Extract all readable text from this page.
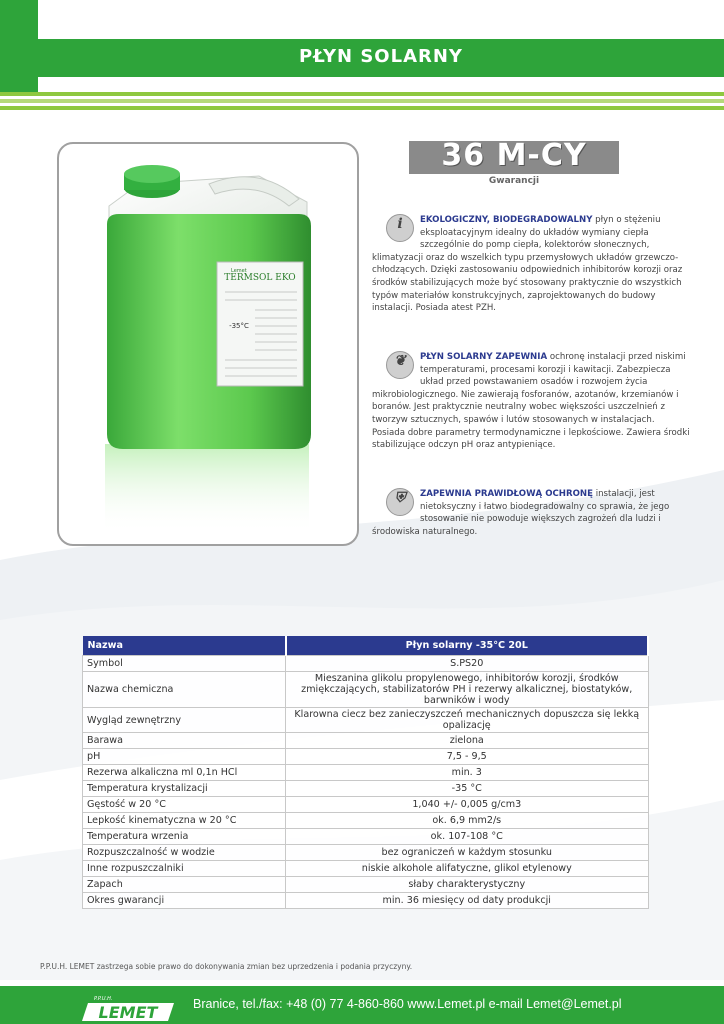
PŁYN SOLARNY
TERMSOL EKO
Lemet
-35°C
36 M-CY
Gwarancji
i	EKOLOGICZNY, BIODEGRADOWALNY płyn o stężeniu eksploatacyjnym idealny do układów wymiany ciepła szczególnie do pomp ciepła, kolektorów słonecznych, klimatyzacji oraz do wszelkich typu przemysłowych układów grzewczo-chłodzących. Dzięki zastosowaniu odpowiednich inhibitorów korozji oraz środków stabilizujących może być stosowany praktycznie do wszystkich typów materiałów konstrukcyjnych, zaprojektowanych do budowy instalacji. Posiada atest PZH.
❦	PŁYN SOLARNY ZAPEWNIA ochronę instalacji przed niskimi temperaturami, procesami korozji i kawitacji. Zabezpiecza układ przed powstawaniem osadów i rozwojem życia mikrobiologicznego. Nie zawierają fosforanów, azotanów, krzemianów i boranów. Jest praktycznie neutralny wobec większości uszczelnień z tworzyw sztucznych, spawów i lutów stosowanych w instalacjach. Posiada dobre parametry termodynamiczne i lepkościowe. Zawiera środki stabilizujące odczyn pH oraz antypieniące.
⛨	ZAPEWNIA PRAWIDŁOWĄ OCHRONĘ instalacji, jest nietoksyczny i łatwo biodegradowalny co sprawia, że jego stosowanie nie powoduje większych zagrożeń dla ludzi i środowiska naturalnego.
Nazwa	Płyn solarny -35°C 20L
Symbol	S.PS20
Nazwa chemiczna	Mieszanina glikolu propylenowego, inhibitorów korozji, środków zmiękczających, stabilizatorów PH i rezerwy alkalicznej, biostatyków, barwników i wody
Wygląd zewnętrzny	Klarowna ciecz bez zanieczyszczeń mechanicznych dopuszcza się lekką opalizację
Barawa	zielona
pH	7,5 - 9,5
Rezerwa alkaliczna ml 0,1n HCl	min. 3
Temperatura krystalizacji	-35 °C
Gęstość w 20 °C	1,040 +/- 0,005 g/cm3
Lepkość kinematyczna w 20 °C	ok. 6,9 mm2/s
Temperatura wrzenia	ok. 107-108 °C
Rozpuszczalność w wodzie	bez ograniczeń w każdym stosunku
Inne rozpuszczalniki	niskie alkohole alifatyczne, glikol etylenowy
Zapach	słaby charakterystyczny
Okres gwarancji	min. 36 miesięcy od daty produkcji
P.P.U.H. LEMET zastrzega sobie prawo do dokonywania zmian bez uprzedzenia i podania przyczyny.
P.P.U.H.
LEMET	Branice, tel./fax: +48 (0) 77 4-860-860 www.Lemet.pl e-mail Lemet@Lemet.pl
